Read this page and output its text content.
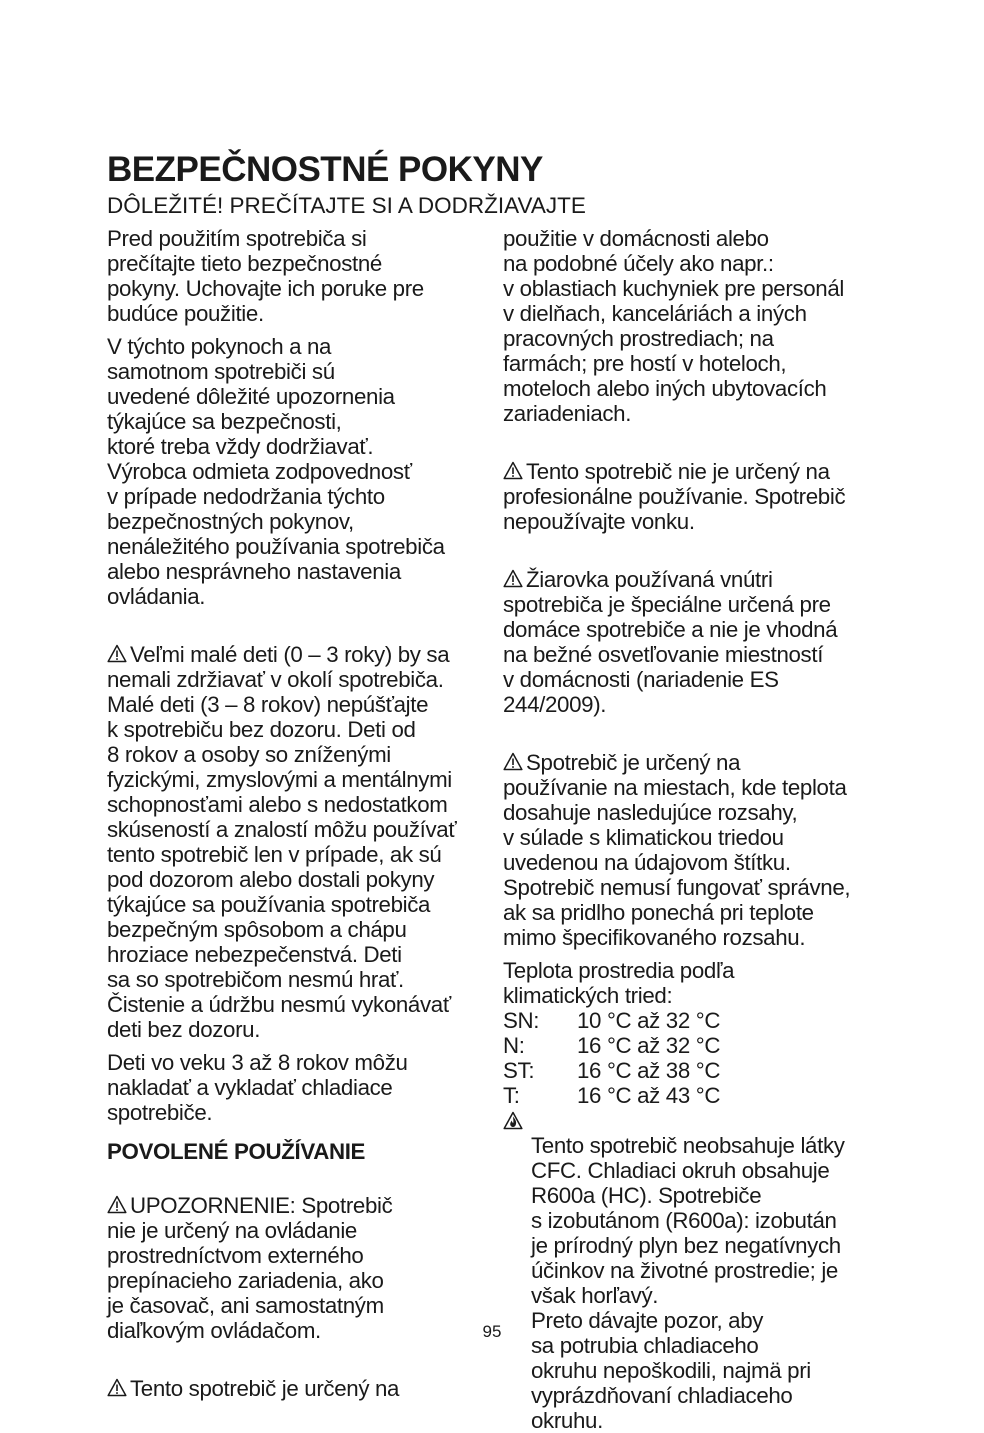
BEZPEČNOSTNÉ POKYNY
DÔLEŽITÉ! PREČÍTAJTE SI A DODRŽIAVAJTE

Pred použitím spotrebiča si
prečítajte tieto bezpečnostné
pokyny. Uchovajte ich poruke pre
budúce použitie.

V týchto pokynoch a na
samotnom spotrebiči sú
uvedené dôležité upozornenia
týkajúce sa bezpečnosti,
ktoré treba vždy dodržiavať.
Výrobca odmieta zodpovednosť
v prípade nedodržania týchto
bezpečnostných pokynov,
nenáležitého používania spotrebiča
alebo nesprávneho nastavenia
ovládania.

Veľmi malé deti (0 – 3 roky) by sa
nemali zdržiavať v okolí spotrebiča.
Malé deti (3 – 8 rokov) nepúšťajte
k spotrebiču bez dozoru. Deti od
8 rokov a osoby so zníženými
fyzickými, zmyslovými a mentálnymi
schopnosťami alebo s nedostatkom
skúseností a znalostí môžu používať
tento spotrebič len v prípade, ak sú
pod dozorom alebo dostali pokyny
týkajúce sa používania spotrebiča
bezpečným spôsobom a chápu
hroziace nebezpečenstvá. Deti
sa so spotrebičom nesmú hrať.
Čistenie a údržbu nesmú vykonávať
deti bez dozoru.

Deti vo veku 3 až 8 rokov môžu
nakladať a vykladať chladiace
spotrebiče.

POVOLENÉ POUŽÍVANIE

UPOZORNENIE: Spotrebič
nie je určený na ovládanie
prostredníctvom externého
prepínacieho zariadenia, ako
je časovač, ani samostatným
diaľkovým ovládačom.

Tento spotrebič je určený na

použitie v domácnosti alebo
na podobné účely ako napr.:
v oblastiach kuchyniek pre personál
v dielňach, kanceláriách a iných
pracovných prostrediach; na
farmách; pre hostí v hoteloch,
moteloch alebo iných ubytovacích
zariadeniach.

Tento spotrebič nie je určený na
profesionálne používanie. Spotrebič
nepoužívajte vonku.

Žiarovka používaná vnútri
spotrebiča je špeciálne určená pre
domáce spotrebiče a nie je vhodná
na bežné osvetľovanie miestností
v domácnosti (nariadenie ES
244/2009).

Spotrebič je určený na
používanie na miestach, kde teplota
dosahuje nasledujúce rozsahy,
v súlade s klimatickou triedou
uvedenou na údajovom štítku.
Spotrebič nemusí fungovať správne,
ak sa pridlho ponechá pri teplote
mimo špecifikovaného rozsahu.

Teplota prostredia podľa
klimatických tried:

SN:	10 °C až 32 °C
N:	16 °C až 32 °C
ST:	16 °C až 38 °C
T:	16 °C až 43 °C

Tento spotrebič neobsahuje látky
CFC. Chladiaci okruh obsahuje
R600a (HC). Spotrebiče
s izobutánom (R600a): izobután
je prírodný plyn bez negatívnych
účinkov na životné prostredie; je
však horľavý.
Preto dávajte pozor, aby
sa potrubia chladiaceho
okruhu nepoškodili, najmä pri
vyprázdňovaní chladiaceho
okruhu.

95
